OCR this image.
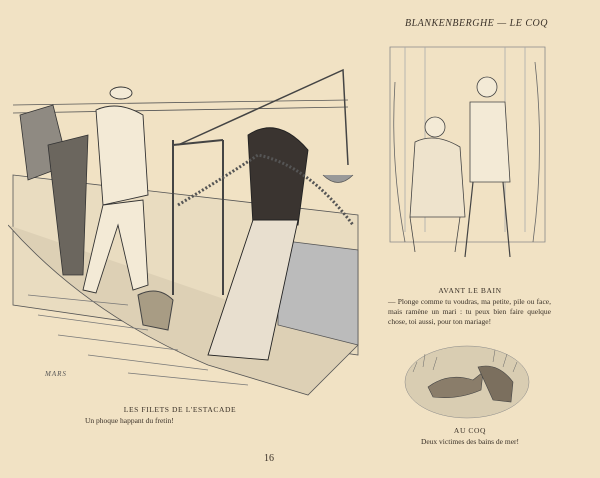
BLANKENBERGHE — LE COQ
MARS
LES FILETS DE L'ESTACADE
Un phoque happant du fretin!
AVANT LE BAIN
— Plonge comme tu voudras, ma petite, pile ou face, mais ramène un mari : tu peux bien faire quelque chose, toi aussi, pour ton mariage!
AU COQ
Deux victimes des bains de mer!
16
